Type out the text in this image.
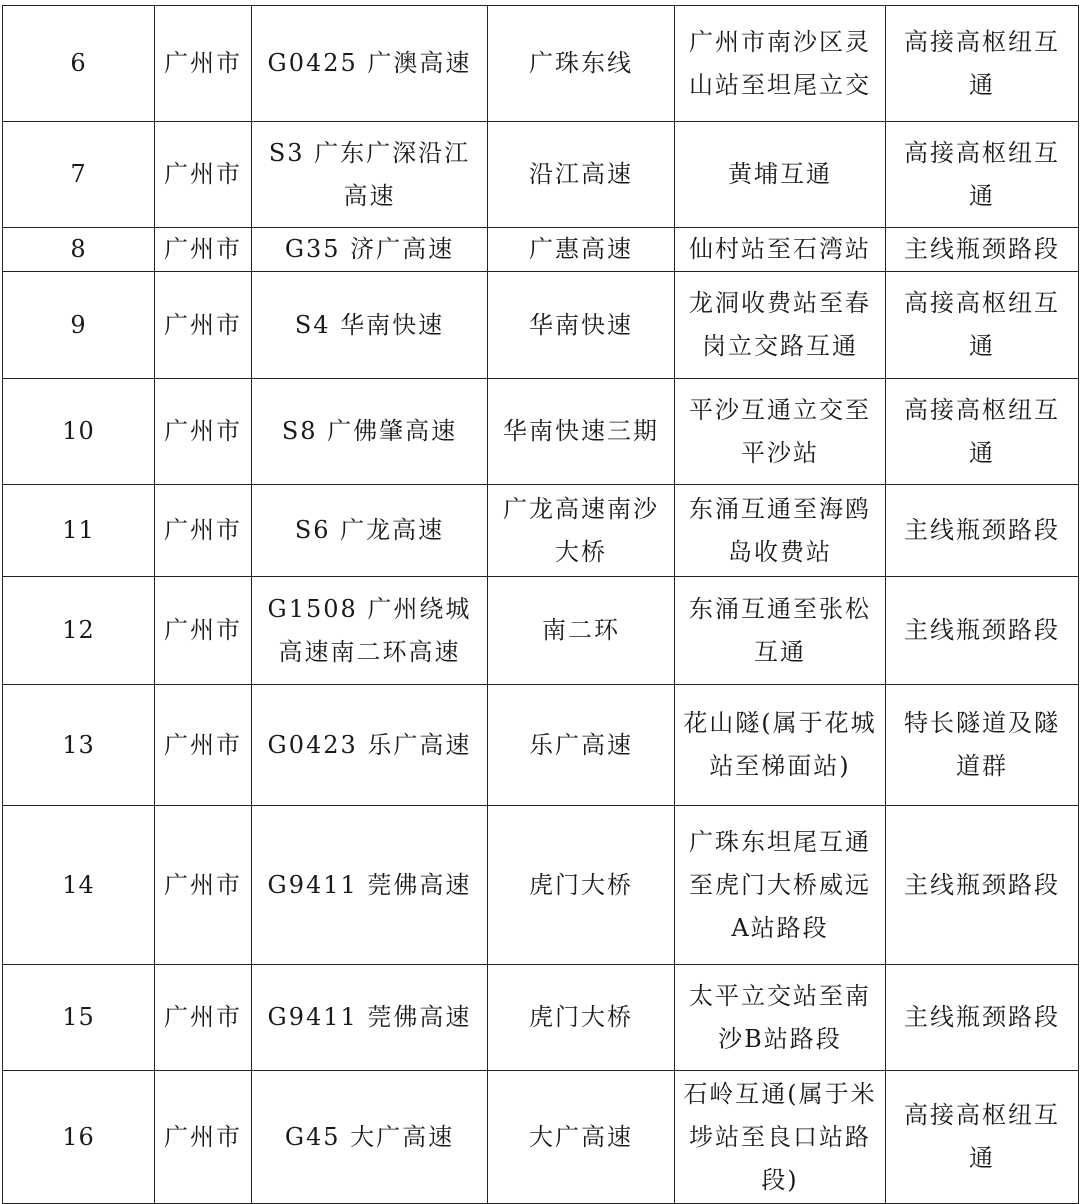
6	广州市	G0425 广澳高速	广珠东线	广州市南沙区灵山站至坦尾立交	高接高枢纽互通
7	广州市	S3 广东广深沿江高速	沿江高速	黄埔互通	高接高枢纽互通
8	广州市	G35 济广高速	广惠高速	仙村站至石湾站	主线瓶颈路段
9	广州市	S4 华南快速	华南快速	龙洞收费站至春岗立交路互通	高接高枢纽互通
10	广州市	S8 广佛肇高速	华南快速三期	平沙互通立交至平沙站	高接高枢纽互通
11	广州市	S6 广龙高速	广龙高速南沙大桥	东涌互通至海鸥岛收费站	主线瓶颈路段
12	广州市	G1508 广州绕城高速南二环高速	南二环	东涌互通至张松互通	主线瓶颈路段
13	广州市	G0423 乐广高速	乐广高速	花山隧(属于花城站至梯面站)	特长隧道及隧道群
14	广州市	G9411 莞佛高速	虎门大桥	广珠东坦尾互通至虎门大桥威远A站路段	主线瓶颈路段
15	广州市	G9411 莞佛高速	虎门大桥	太平立交站至南沙B站路段	主线瓶颈路段
16	广州市	G45 大广高速	大广高速	石岭互通(属于米埗站至良口站路段)	高接高枢纽互通
